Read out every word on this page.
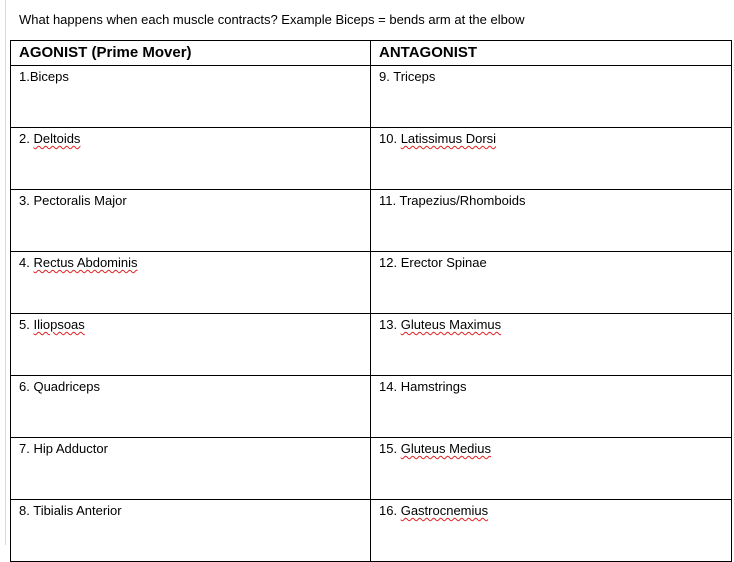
What happens when each muscle contracts? Example Biceps = bends arm at the elbow
AGONIST (Prime Mover)	ANTAGONIST
1.Biceps	9. Triceps
2. Deltoids	10. Latissimus Dorsi
3. Pectoralis Major	11. Trapezius/Rhomboids
4. Rectus Abdominis	12. Erector Spinae
5. Iliopsoas	13. Gluteus Maximus
6. Quadriceps	14. Hamstrings
7. Hip Adductor	15. Gluteus Medius
8. Tibialis Anterior	16. Gastrocnemius
